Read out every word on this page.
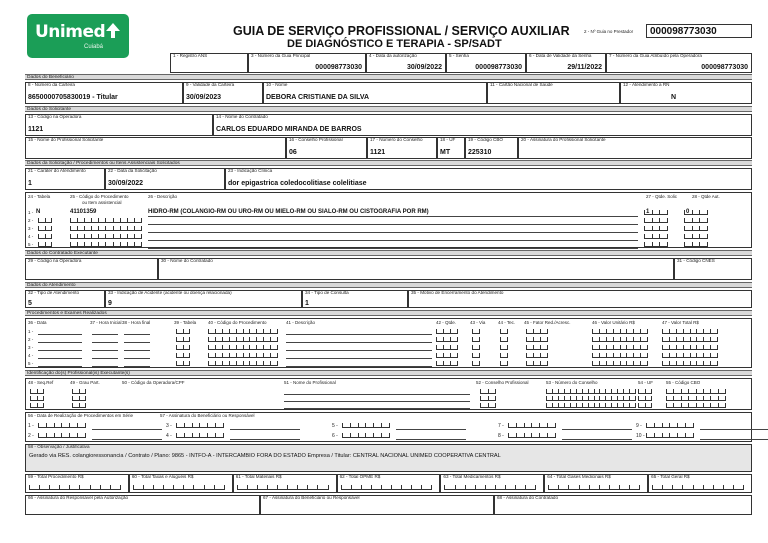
Unimed
Cuiabá
GUIA DE SERVIÇO PROFISSIONAL / SERVIÇO AUXILIAR
DE DIAGNÓSTICO E TERAPIA - SP/SADT
2 - Nº Guia no Prestador 000098773030
1 - Registro ANS	3 - Número da Guia Principal
000098773030
4 - Data da autorização
30/09/2022
5 - Senha
000098773030
6 - Data de Validade da Senha
29/11/2022
7 - Número da Guia Atribuído pela Operadora
000098773030
Dados do Beneficiário
8 - Número da Carteira
8650000705830019 - Titular
9 - Validade da Carteira
30/09/2023
10 - Nome
DEBORA CRISTIANE DA SILVA
11 - Cartão Nacional de Saúde	12 - Atendimento a RN
N
Dados do Solicitante
13 - Código na Operadora
1121
14 - Nome do Contratado
CARLOS EDUARDO MIRANDA DE BARROS
15 - Nome do Profissional Solicitante	16 - Conselho Profissional
06
17 - Número do Conselho
1121
18 - UF
MT
19 - Código CBO
225310
20 - Assinatura do Profissional Solicitante
Dados da Solicitação / Procedimentos ou Itens Assistenciais Solicitados
21 - Caráter do Atendimento
1
22 - Data da Solicitação
30/09/2022
23 - Indicação Clínica
dor epigastrica coledocolitiase colelitiase
24 - Tabela	25 - Código do Procedimento
ou Item assistencial
26 - Descrição	27 - Qtde. Solic	28 - Qtde Aut.
1 - N	41101359	HIDRO-RM (COLANGIO-RM OU URO-RM OU MIELO-RM OU SIALO-RM OU CISTOGRAFIA POR RM)	1	0
2 -
3 -
4 -
5 -
Dados do Contratado Executante
29 - Código na Operadora	30 - Nome do Contratado	31 - Código CNES
Dados do Atendimento
32 - Tipo de Atendimento
5
33 - Indicação de Acidente (acidente ou doença relacionada)
9
34 - Tipo de Consulta
1
35 - Motivo de Encerramento do Atendimento
Procedimentos e Exames Realizados
36 - Data	37 - Hora Inicial 38 - Hora final	39 - Tabela	40 - Código do Procedimento	41 - Descrição	42 - Qtde.	43 - Via	44 - Tec. 45 - Fator Red./Acresc.	46 - Valor Unitário R$	47 - Valor Total R$
1 -
2 -
3 -
4 -
5 -
Identificação do(s) Profissional(is) Executante(s)
48 - Seq.Ref	49 - Grau Part.	50 - Código da Operadora/CPF	51 - Nome do Profissional	52 - Conselho Profissional	53 - Número do Conselho	54 - UF	55 - Código CBO
56 - Data de Realização de Procedimentos em Série	57 - Assinatura do Beneficiário ou Responsável
1 -
2 -
3 -
4 -
5 -
6 -
7 -
8 -
9 -
10 -
58 - Observação / Justificativa
Gerado via RES. colangioressonancia / Contrato / Plano: 9865 - INTFO-A - INTERCAMBIO FORA DO ESTADO Empresa / Titular: CENTRAL NACIONAL UNIMED COOPERATIVA CENTRAL
59 - Total Procedimento R$	60 - Total Taxas e Aluguéis R$	61 - Total Materiais R$	62 - Total OPME R$	63 - Total Medicamentos R$	64 - Total Gases Medicinais R$	65 - Total Geral R$
66 - Assinatura do Responsável pela Autorização	67 - Assinatura do Beneficiário ou Responsável	68 - Assinatura do Contratado
